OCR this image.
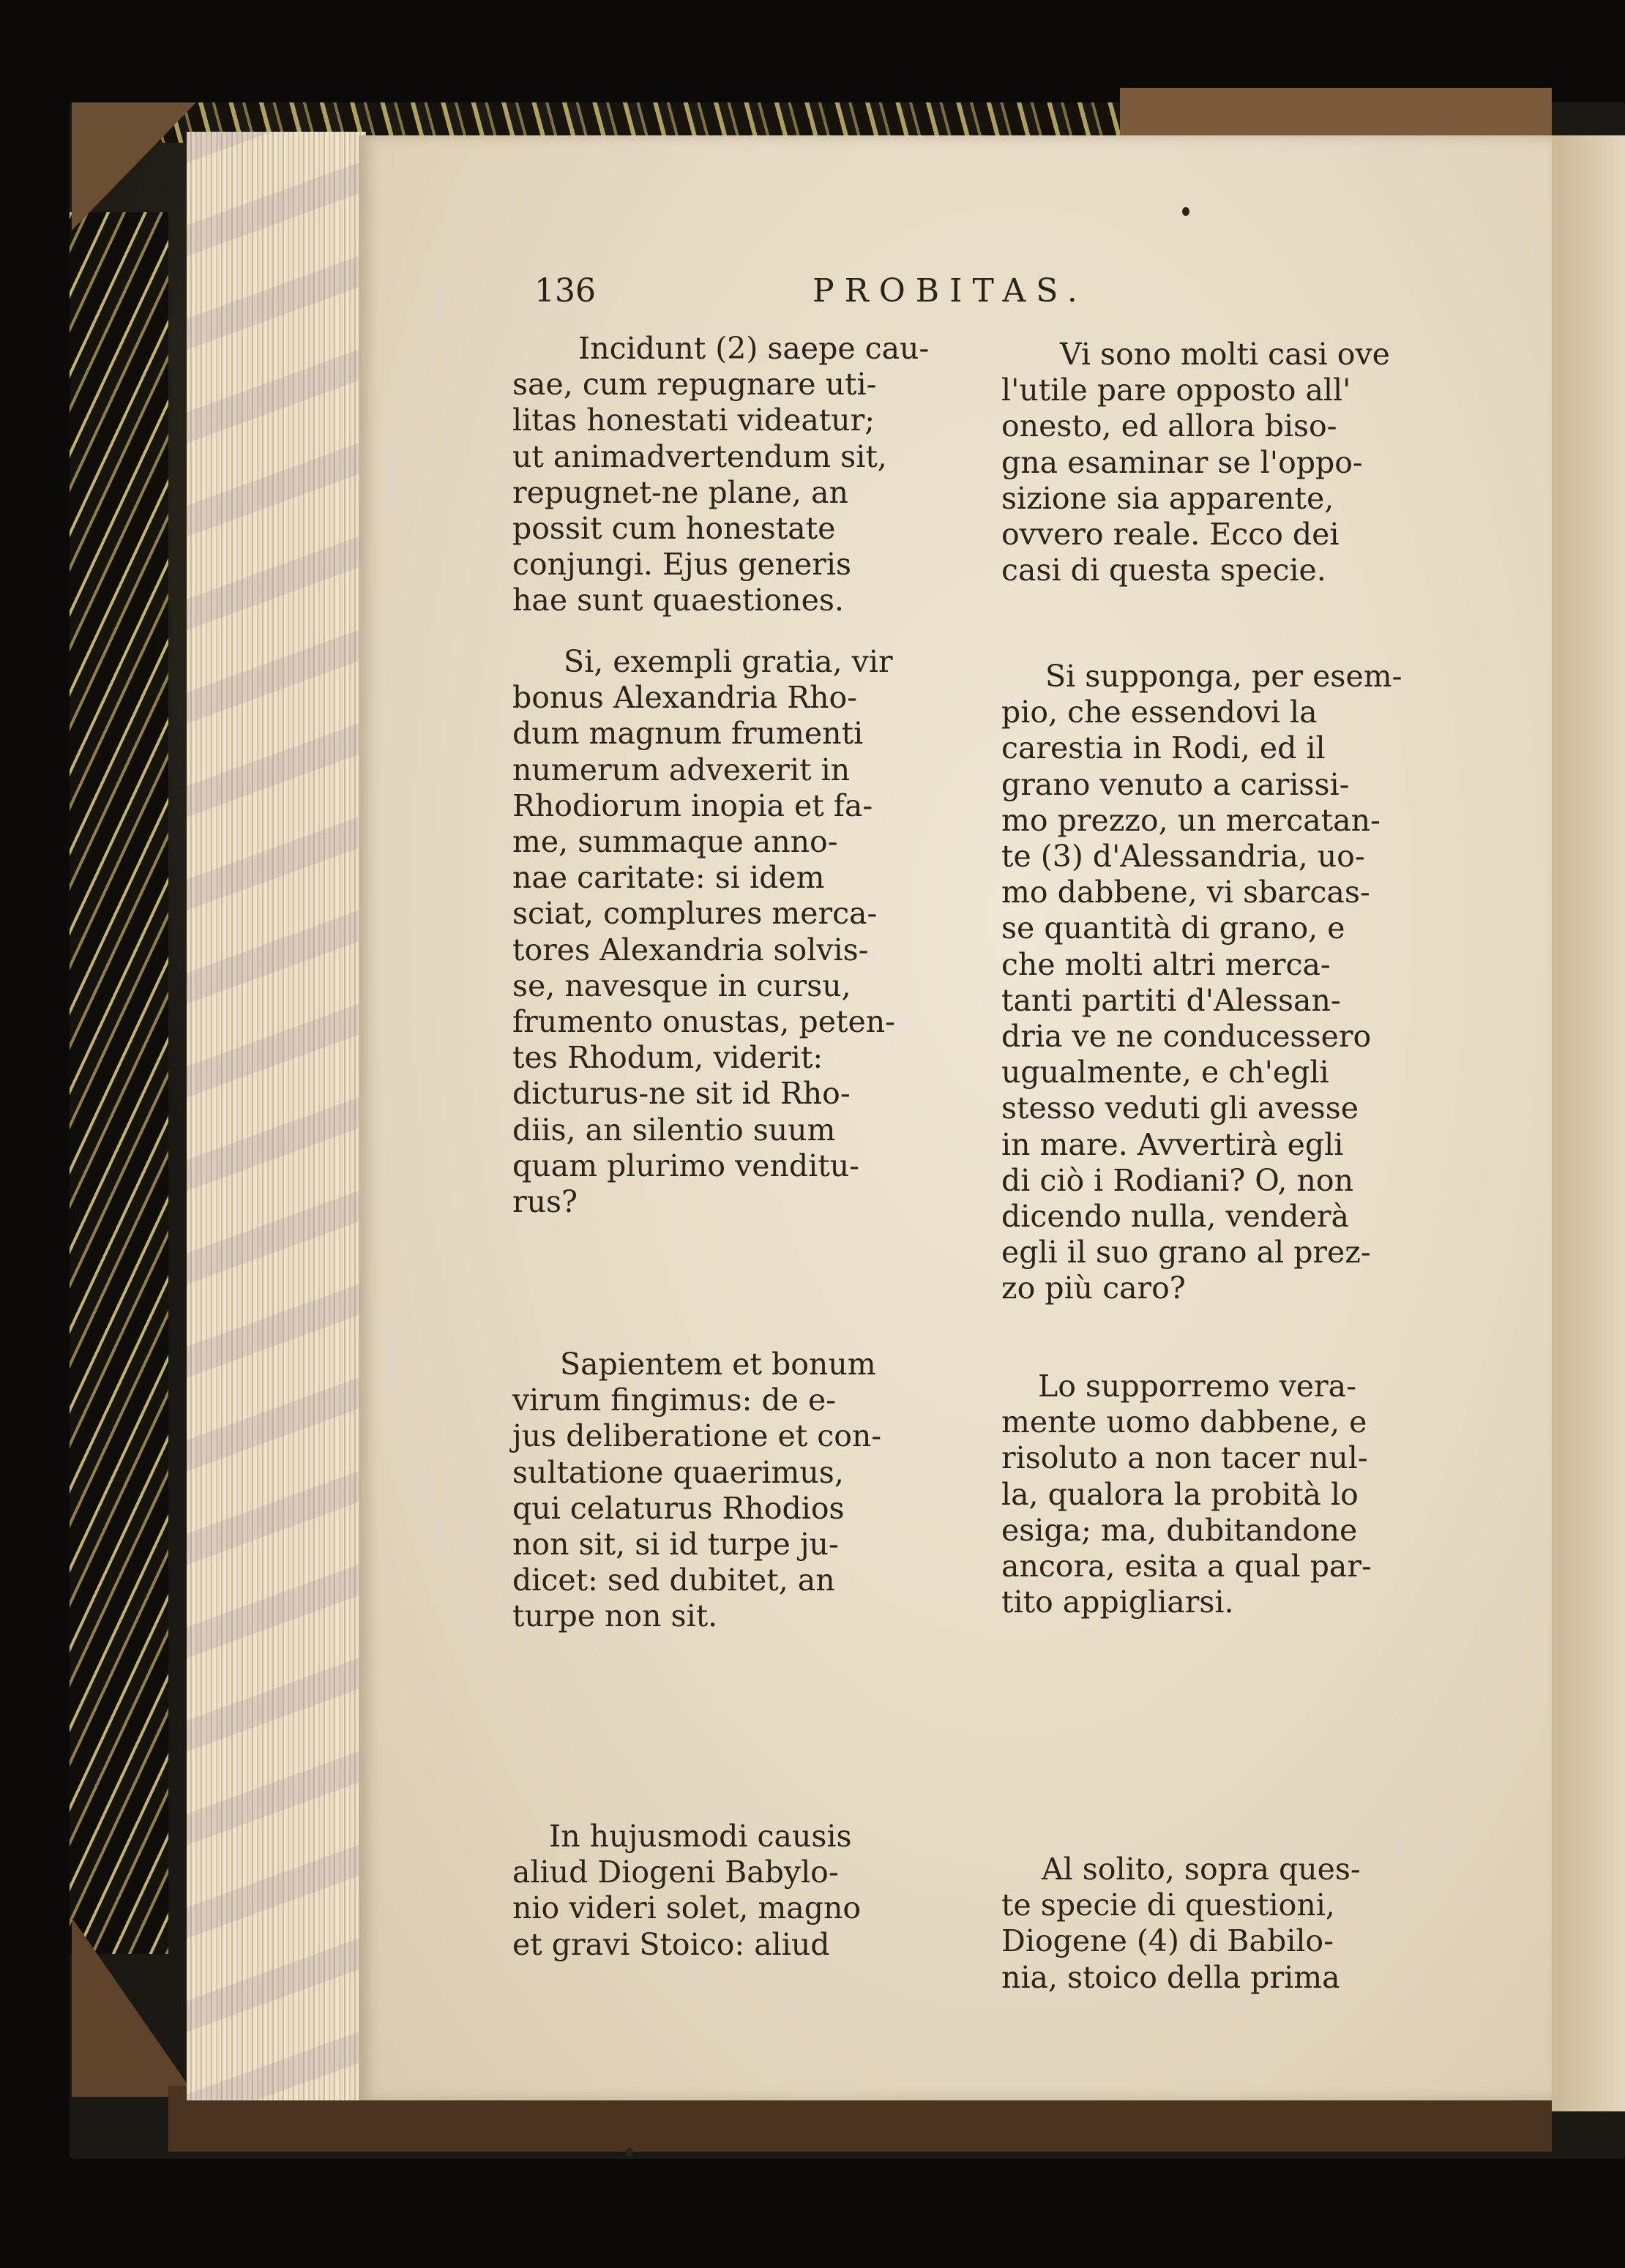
136	PROBITAS.
Incidunt (2) saepe cau-
sae, cum repugnare uti-
litas honestati videatur;
ut animadvertendum sit,
repugnet-ne plane, an
possit cum honestate
conjungi. Ejus generis
hae sunt quaestiones.
Si, exempli gratia, vir
bonus Alexandria Rho-
dum magnum frumenti
numerum advexerit in
Rhodiorum inopia et fa-
me, summaque anno-
nae caritate: si idem
sciat, complures merca-
tores Alexandria solvis-
se, navesque in cursu,
frumento onustas, peten-
tes Rhodum, viderit:
dicturus-ne sit id Rho-
diis, an silentio suum
quam plurimo venditu-
rus?
Sapientem et bonum
virum fingimus: de e-
jus deliberatione et con-
sultatione quaerimus,
qui celaturus Rhodios
non sit, si id turpe ju-
dicet: sed dubitet, an
turpe non sit.
In hujusmodi causis
aliud Diogeni Babylo-
nio videri solet, magno
et gravi Stoico: aliud
Vi sono molti casi ove
l'utile pare opposto all'
onesto, ed allora biso-
gna esaminar se l'oppo-
sizione sia apparente,
ovvero reale. Ecco dei
casi di questa specie.
Si supponga, per esem-
pio, che essendovi la
carestia in Rodi, ed il
grano venuto a carissi-
mo prezzo, un mercatan-
te (3) d'Alessandria, uo-
mo dabbene, vi sbarcas-
se quantità di grano, e
che molti altri merca-
tanti partiti d'Alessan-
dria ve ne conducessero
ugualmente, e ch'egli
stesso veduti gli avesse
in mare. Avvertirà egli
di ciò i Rodiani? O, non
dicendo nulla, venderà
egli il suo grano al prez-
zo più caro?
Lo supporremo vera-
mente uomo dabbene, e
risoluto a non tacer nul-
la, qualora la probità lo
esiga; ma, dubitandone
ancora, esita a qual par-
tito appigliarsi.
Al solito, sopra ques-
te specie di questioni,
Diogene (4) di Babilo-
nia, stoico della prima
